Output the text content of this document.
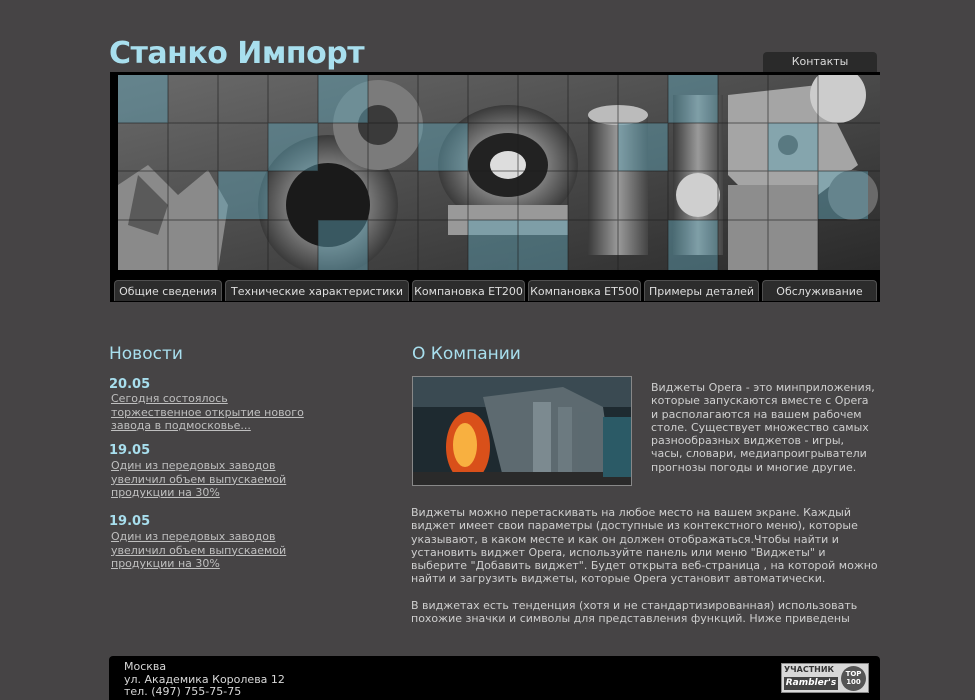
Станко Импорт	Контакты
Общие сведения	Технические характеристики	Компановка ET200 Компановка ET500 Примеры деталей	Обслуживание
Новости
20.05
Сегодня состоялось торжественное открытие нового завода в подмосковье...
19.05
Один из передовых заводов увеличил объем выпускаемой продукции на 30%
19.05
Один из передовых заводов увеличил объем выпускаемой продукции на 30%
О Компании
Виджеты Opera - это минприложения, которые запускаются вместе с Opera и располагаются на вашем рабочем столе. Существует множество самых разнообразных виджетов - игры, часы, словари, медиапроигрыватели прогнозы погоды и многие другие.
Виджеты можно перетаскивать на любое место на вашем экране. Каждый виджет имеет свои параметры (доступные из контекстного меню), которые указывают, в каком месте и как он должен отображаться.Чтобы найти и установить виджет Opera, используйте панель или меню "Виджеты" и выберите "Добавить виджет". Будет открыта веб-страница , на которой можно найти и загрузить виджеты, которые Opera установит автоматически.
В виджетах есть тенденция (хотя и не стандартизированная) использовать похожие значки и символы для представления функций. Ниже приведены
Москва
ул. Академика Королева 12
тел. (497) 755-75-75
УЧАСТНИК
Rambler's
TOP 100
